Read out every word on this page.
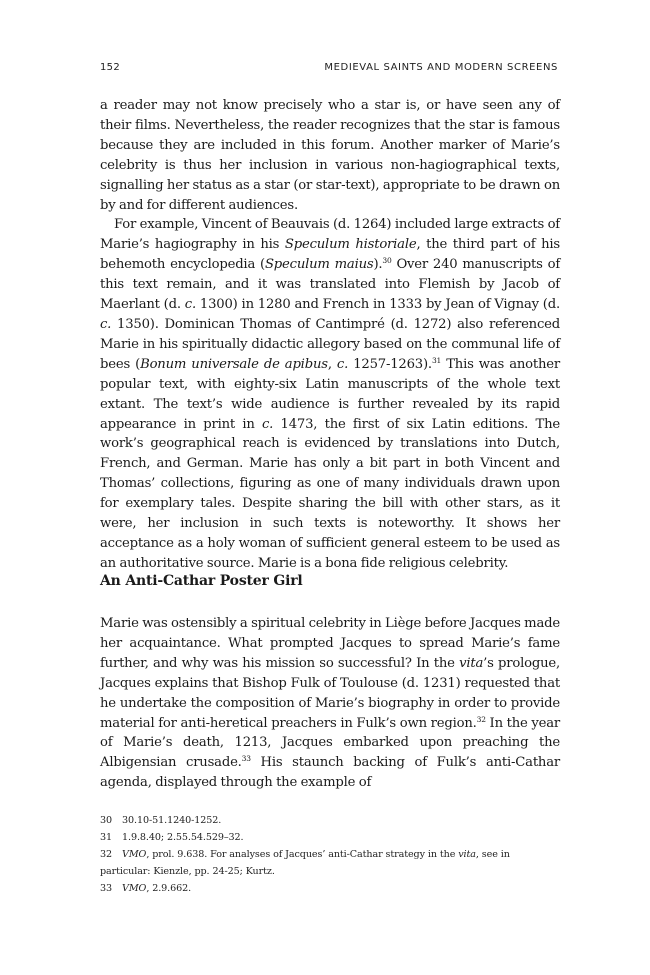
152	MEDIEVAL SAINTS AND MODERN SCREENS

a reader may not know precisely who a star is, or have seen any of their films. Nevertheless, the reader recognizes that the star is famous because they are included in this forum. Another marker of Marie’s celebrity is thus her inclusion in various non-hagiographical texts, signalling her status as a star (or star-text), appropriate to be drawn on by and for different audiences.

For example, Vincent of Beauvais (d. 1264) included large extracts of Marie’s hagiography in his Speculum historiale, the third part of his behemoth encyclopedia (Speculum maius).$^{30}$ Over 240 manuscripts of this text remain, and it was translated into Flemish by Jacob of Maerlant (d. c. 1300) in 1280 and French in 1333 by Jean of Vignay (d. c. 1350). Dominican Thomas of Cantimpré (d. 1272) also referenced Marie in his spiritually didactic allegory based on the communal life of bees (Bonum universale de apibus, c. 1257-1263).$^{31}$ This was another popular text, with eighty-six Latin manuscripts of the whole text extant. The text’s wide audience is further revealed by its rapid appearance in print in c. 1473, the first of six Latin editions. The work’s geographical reach is evidenced by translations into Dutch, French, and German. Marie has only a bit part in both Vincent and Thomas’ collections, figuring as one of many individuals drawn upon for exemplary tales. Despite sharing the bill with other stars, as it were, her inclusion in such texts is noteworthy. It shows her acceptance as a holy woman of sufficient general esteem to be used as an authoritative source. Marie is a bona fide religious celebrity.

An Anti-Cathar Poster Girl

Marie was ostensibly a spiritual celebrity in Liège before Jacques made her acquaintance. What prompted Jacques to spread Marie’s fame further, and why was his mission so successful? In the vita’s prologue, Jacques explains that Bishop Fulk of Toulouse (d. 1231) requested that he undertake the composition of Marie’s biography in order to provide material for anti-heretical preachers in Fulk’s own region.$^{32}$ In the year of Marie’s death, 1213, Jacques embarked upon preaching the Albigensian crusade.$^{33}$ His staunch backing of Fulk’s anti-Cathar agenda, displayed through the example of

30 30.10-51.1240-1252.

31 1.9.8.40; 2.55.54.529–32.

32 VMO, prol. 9.638. For analyses of Jacques’ anti-Cathar strategy in the vita, see in particular: Kienzle, pp. 24-25; Kurtz.

33 VMO, 2.9.662.
